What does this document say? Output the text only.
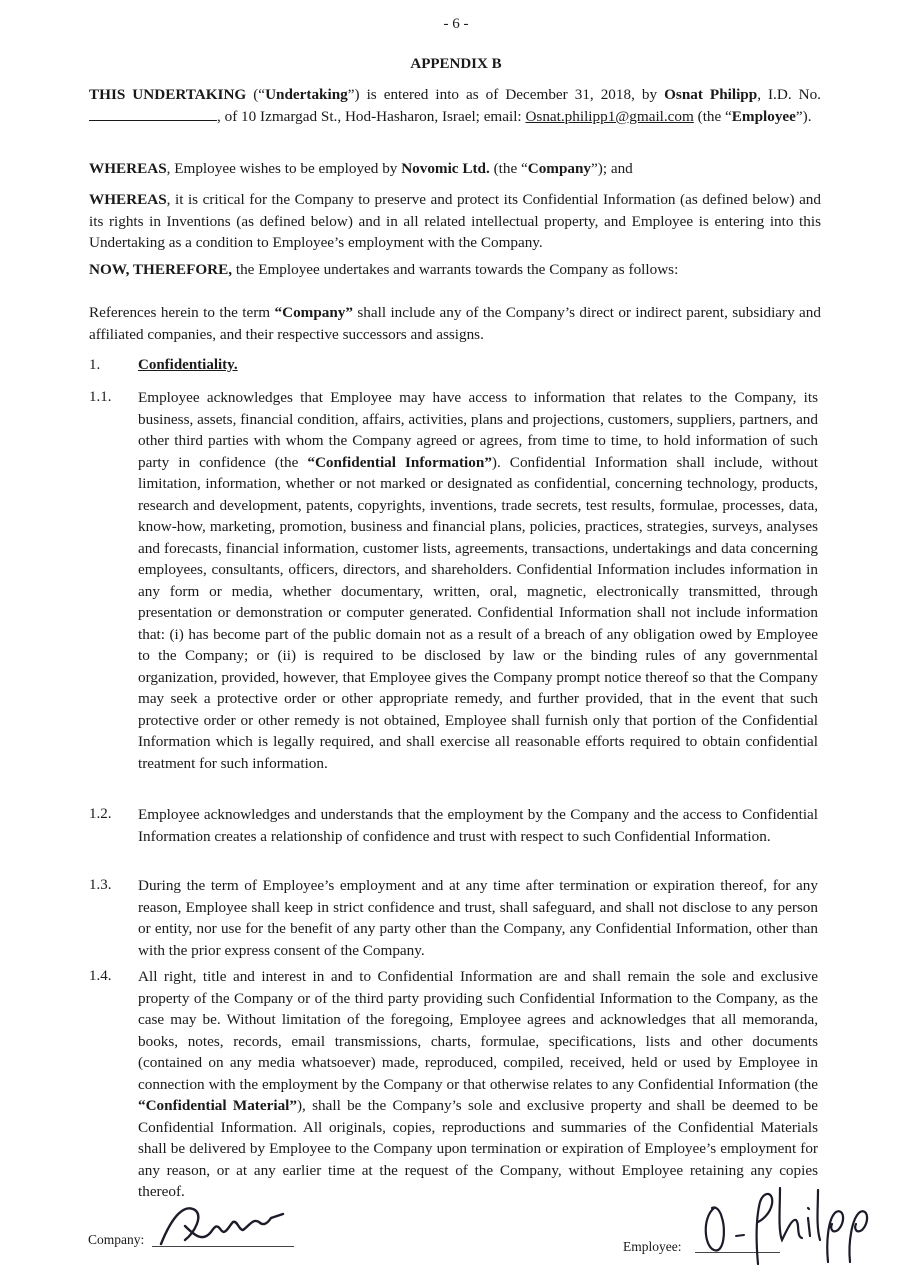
- 6 -
APPENDIX B

THIS UNDERTAKING (“Undertaking”) is entered into as of December 31, 2018, by Osnat Philipp, I.D. No. , of 10 Izmargad St., Hod-Hasharon, Israel; email: Osnat.philipp1@gmail.com (the “Employee”).

WHEREAS, Employee wishes to be employed by Novomic Ltd. (the “Company”); and

WHEREAS, it is critical for the Company to preserve and protect its Confidential Information (as defined below) and its rights in Inventions (as defined below) and in all related intellectual property, and Employee is entering into this Undertaking as a condition to Employee’s employment with the Company.

NOW, THEREFORE, the Employee undertakes and warrants towards the Company as follows:

References herein to the term “Company” shall include any of the Company’s direct or indirect parent, subsidiary and affiliated companies, and their respective successors and assigns.

1.	Confidentiality.
1.1. Employee acknowledges that Employee may have access to information that relates to the Company, its business, assets, financial condition, affairs, activities, plans and projections, customers, suppliers, partners, and other third parties with whom the Company agreed or agrees, from time to time, to hold information of such party in confidence (the “Confidential Information”). Confidential Information shall include, without limitation, information, whether or not marked or designated as confidential, concerning technology, products, research and development, patents, copyrights, inventions, trade secrets, test results, formulae, processes, data, know-how, marketing, promotion, business and financial plans, policies, practices, strategies, surveys, analyses and forecasts, financial information, customer lists, agreements, transactions, undertakings and data concerning employees, consultants, officers, directors, and shareholders. Confidential Information includes information in any form or media, whether documentary, written, oral, magnetic, electronically transmitted, through presentation or demonstration or computer generated. Confidential Information shall not include information that: (i) has become part of the public domain not as a result of a breach of any obligation owed by Employee to the Company; or (ii) is required to be disclosed by law or the binding rules of any governmental organization, provided, however, that Employee gives the Company prompt notice thereof so that the Company may seek a protective order or other appropriate remedy, and further provided, that in the event that such protective order or other remedy is not obtained, Employee shall furnish only that portion of the Confidential Information which is legally required, and shall exercise all reasonable efforts required to obtain confidential treatment for such information.
1.2. Employee acknowledges and understands that the employment by the Company and the access to Confidential Information creates a relationship of confidence and trust with respect to such Confidential Information.
1.3. During the term of Employee’s employment and at any time after termination or expiration thereof, for any reason, Employee shall keep in strict confidence and trust, shall safeguard, and shall not disclose to any person or entity, nor use for the benefit of any party other than the Company, any Confidential Information, other than with the prior express consent of the Company.
1.4. All right, title and interest in and to Confidential Information are and shall remain the sole and exclusive property of the Company or of the third party providing such Confidential Information to the Company, as the case may be. Without limitation of the foregoing, Employee agrees and acknowledges that all memoranda, books, notes, records, email transmissions, charts, formulae, specifications, lists and other documents (contained on any media whatsoever) made, reproduced, compiled, received, held or used by Employee in connection with the employment by the Company or that otherwise relates to any Confidential Information (the “Confidential Material”), shall be the Company’s sole and exclusive property and shall be deemed to be Confidential Information. All originals, copies, reproductions and summaries of the Confidential Materials shall be delivered by Employee to the Company upon termination or expiration of Employee’s employment for any reason, or at any earlier time at the request of the Company, without Employee retaining any copies thereof.
Company:	Employee:
